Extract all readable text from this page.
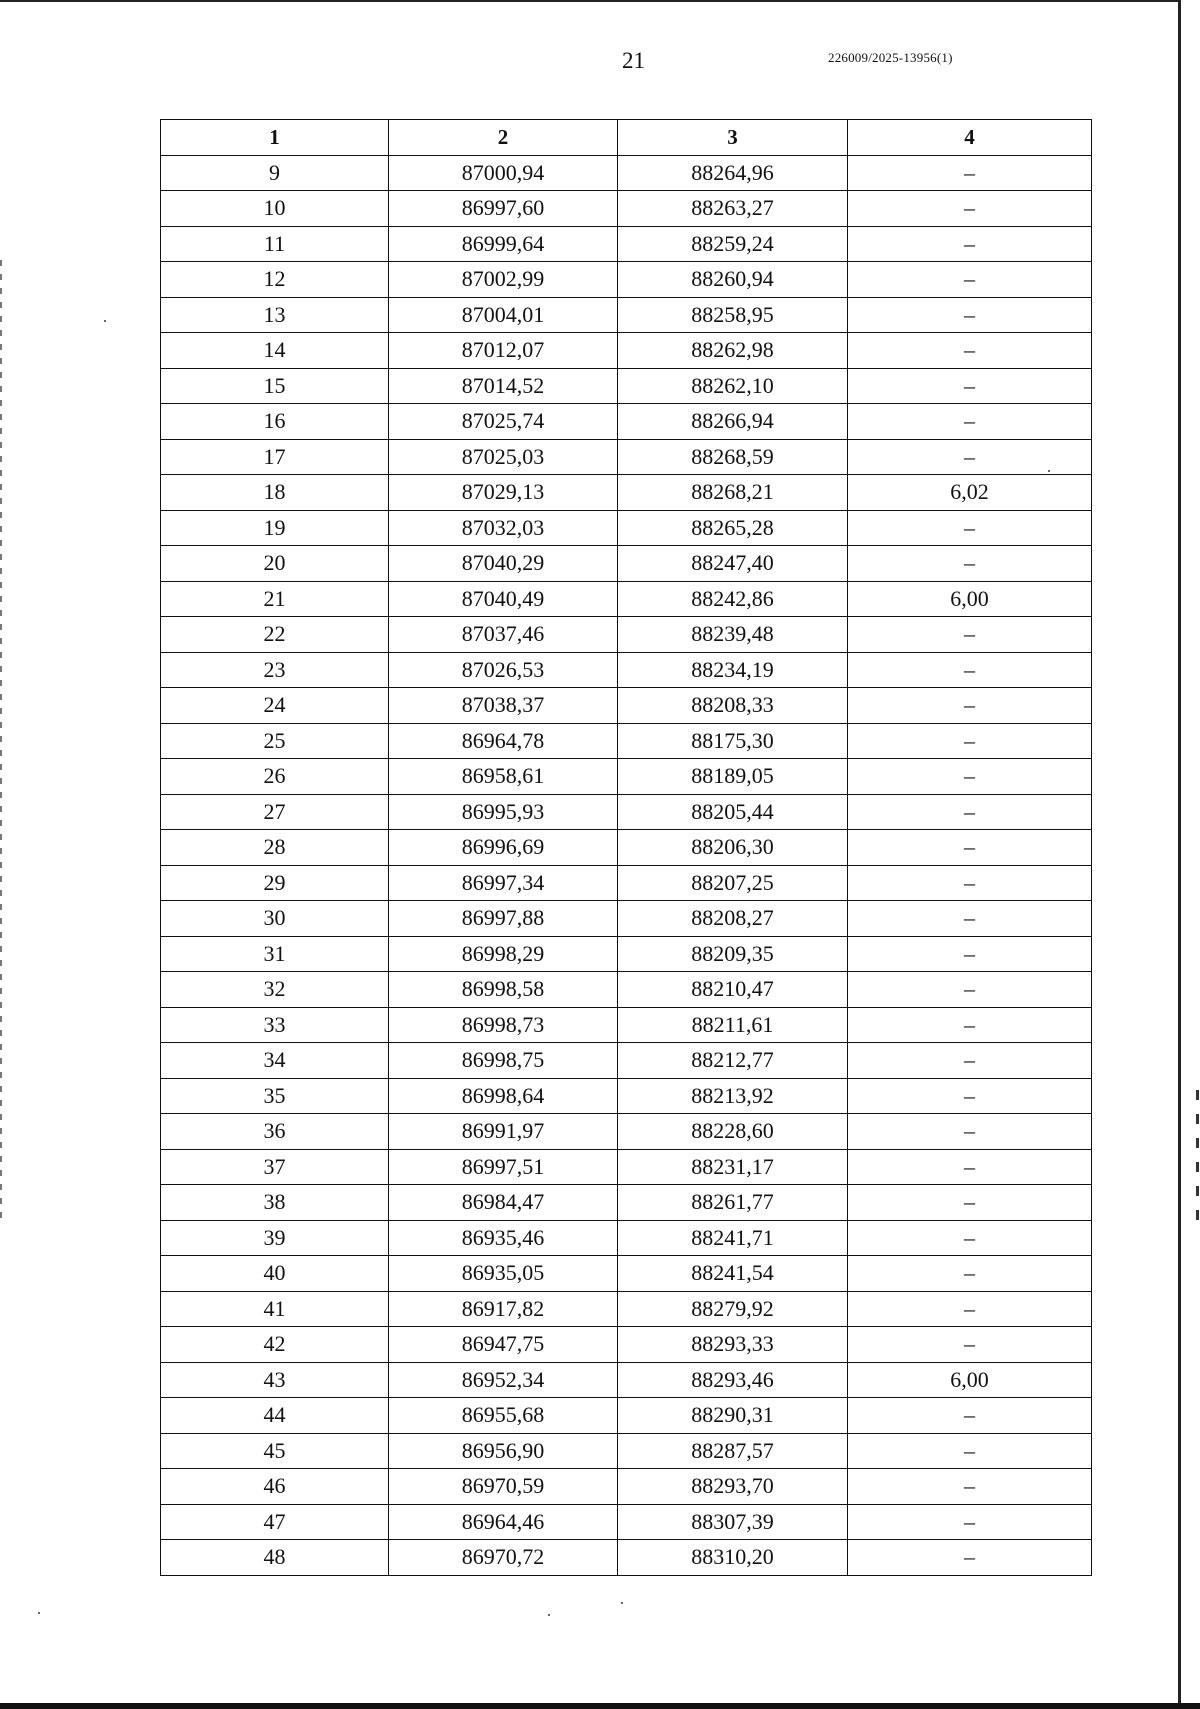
21	226009/2025-13956(1)
1	2	3	4
9	87000,94	88264,96	–
10	86997,60	88263,27	–
11	86999,64	88259,24	–
12	87002,99	88260,94	–
13	87004,01	88258,95	–
14	87012,07	88262,98	–
15	87014,52	88262,10	–
16	87025,74	88266,94	–
17	87025,03	88268,59	–
18	87029,13	88268,21	6,02
19	87032,03	88265,28	–
20	87040,29	88247,40	–
21	87040,49	88242,86	6,00
22	87037,46	88239,48	–
23	87026,53	88234,19	–
24	87038,37	88208,33	–
25	86964,78	88175,30	–
26	86958,61	88189,05	–
27	86995,93	88205,44	–
28	86996,69	88206,30	–
29	86997,34	88207,25	–
30	86997,88	88208,27	–
31	86998,29	88209,35	–
32	86998,58	88210,47	–
33	86998,73	88211,61	–
34	86998,75	88212,77	–
35	86998,64	88213,92	–
36	86991,97	88228,60	–
37	86997,51	88231,17	–
38	86984,47	88261,77	–
39	86935,46	88241,71	–
40	86935,05	88241,54	–
41	86917,82	88279,92	–
42	86947,75	88293,33	–
43	86952,34	88293,46	6,00
44	86955,68	88290,31	–
45	86956,90	88287,57	–
46	86970,59	88293,70	–
47	86964,46	88307,39	–
48	86970,72	88310,20	–
